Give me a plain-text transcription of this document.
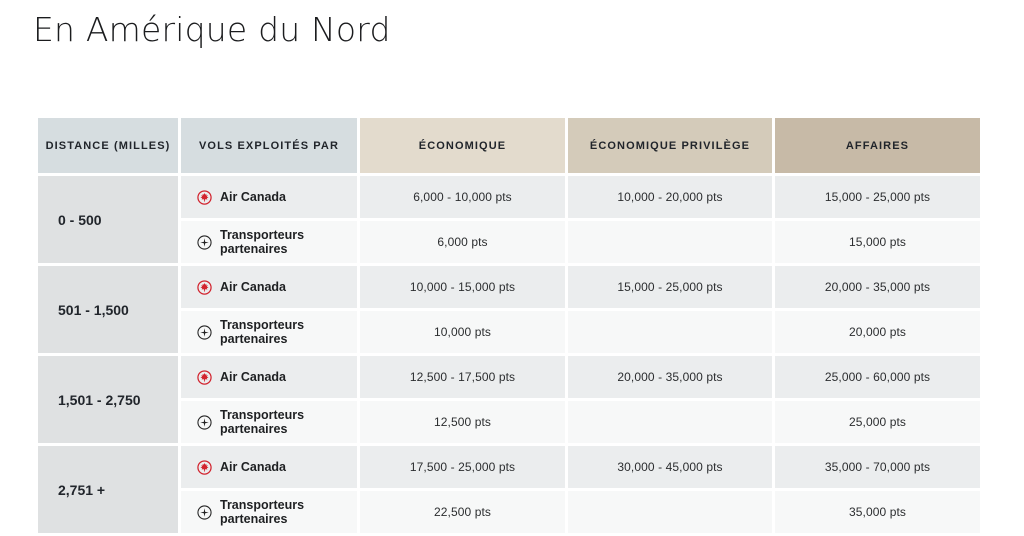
En Amérique du Nord
DISTANCE (MILLES)	VOLS EXPLOITÉS PAR	ÉCONOMIQUE	ÉCONOMIQUE PRIVILÈGE	AFFAIRES
0 - 500	Air Canada	6,000 - 10,000 pts	10,000 - 20,000 pts	15,000 - 25,000 pts

	Transporteurs partenaires	6,000 pts		15,000 pts
501 - 1,500	Air Canada	10,000 - 15,000 pts	15,000 - 25,000 pts	20,000 - 35,000 pts

	Transporteurs partenaires	10,000 pts		20,000 pts
1,501 - 2,750	Air Canada	12,500 - 17,500 pts	20,000 - 35,000 pts	25,000 - 60,000 pts

	Transporteurs partenaires	12,500 pts		25,000 pts
2,751 +	Air Canada	17,500 - 25,000 pts	30,000 - 45,000 pts	35,000 - 70,000 pts

	Transporteurs partenaires	22,500 pts		35,000 pts
